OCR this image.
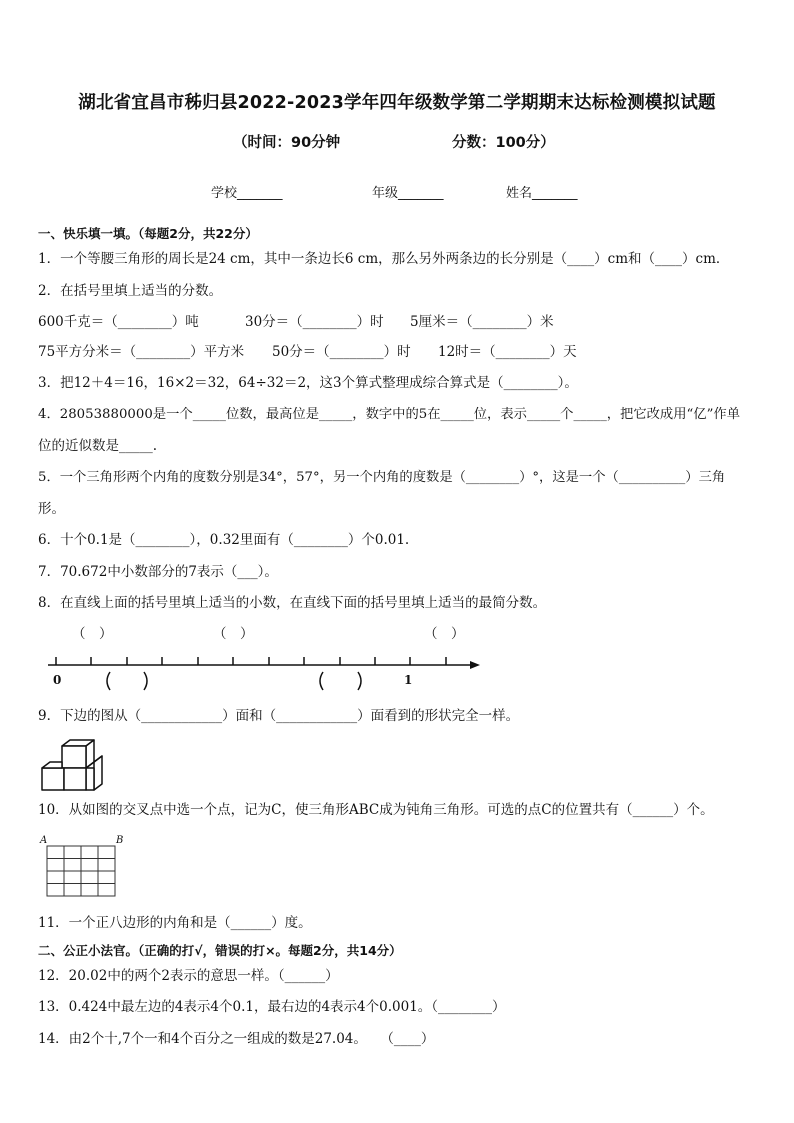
湖北省宜昌市秭归县2022-2023学年四年级数学第二学期期末达标检测模拟试题
（时间：90分钟	分数：100分）
学校_______	年级_______	姓名_______
一、快乐填一填。（每题2分，共22分）
1．一个等腰三角形的周长是24 cm，其中一条边长6 cm，那么另外两条边的长分别是（____）cm和（____）cm．
2．在括号里填上适当的分数。
600千克＝（________）吨	30分＝（________）时 5厘米＝（________）米
75平方分米＝（________）平方米 50分＝（________）时 12时＝（________）天
3．把12＋4＝16，16×2＝32，64÷32＝2，这3个算式整理成综合算式是（________）。
4．28053880000是一个_____位数，最高位是_____，数字中的5在_____位，表示_____个_____，把它改成用“亿”作单
位的近似数是_____.
5．一个三角形两个内角的度数分别是34°，57°，另一个内角的度数是（________）°，这是一个（__________）三角
形。
6．十个0.1是（________），0.32里面有（________）个0.01.
7．70.672中小数部分的7表示（___）。
8．在直线上面的括号里填上适当的小数，在直线下面的括号里填上适当的最简分数。
（　）	（　）	（　）
0	1
9．下边的图从（____________）面和（____________）面看到的形状完全一样。
10．从如图的交叉点中选一个点，记为C，使三角形ABC成为钝角三角形。可选的点C的位置共有（______）个。
A	B
11．一个正八边形的内角和是（______）度。
二、公正小法官。（正确的打√，错误的打×。每题2分，共14分）
12．20.02中的两个2表示的意思一样。（______）
13．0.424中最左边的4表示4个0.1，最右边的4表示4个0.001。（________）
14．由2个十,7个一和4个百分之一组成的数是27.04。　　（____）
